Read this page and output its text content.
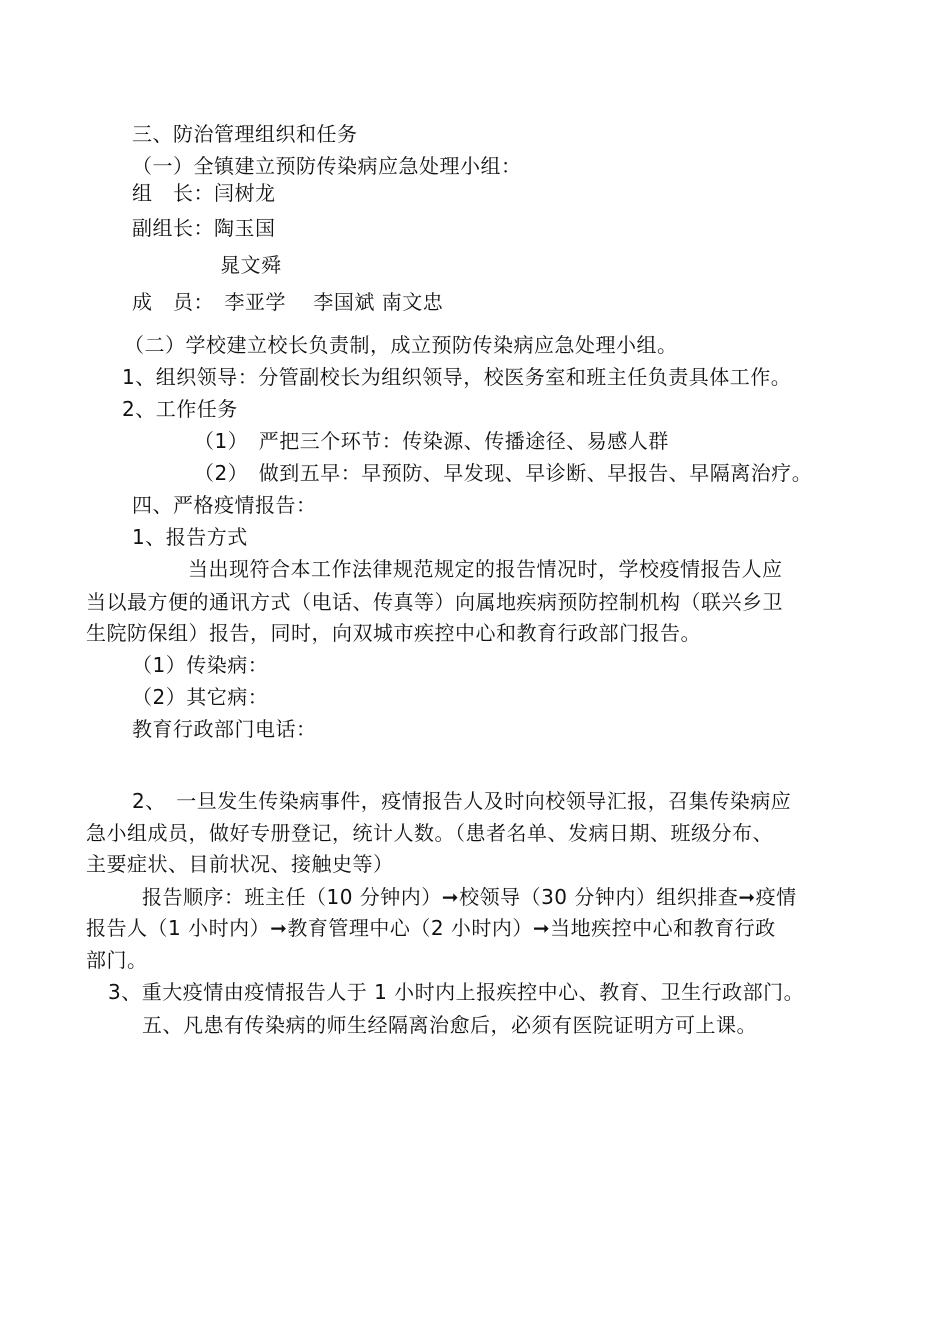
三、防治管理组织和任务
（一）全镇建立预防传染病应急处理小组：
组　长：闫树龙
副组长：陶玉国
晁文舜
成　员：　李亚学　 李国斌 南文忠
（二）学校建立校长负责制，成立预防传染病应急处理小组。
1、组织领导：分管副校长为组织领导，校医务室和班主任负责具体工作。
2、工作任务
（1）　严把三个环节：传染源、传播途径、易感人群
（2）　做到五早：早预防、早发现、早诊断、早报告、早隔离治疗。
四、严格疫情报告：
1、报告方式
当出现符合本工作法律规范规定的报告情况时，学校疫情报告人应
当以最方便的通讯方式（电话、传真等）向属地疾病预防控制机构（联兴乡卫
生院防保组）报告，同时，向双城市疾控中心和教育行政部门报告。
（1）传染病：
（2）其它病：
教育行政部门电话：
2、　一旦发生传染病事件，疫情报告人及时向校领导汇报，召集传染病应
急小组成员，做好专册登记，统计人数。（患者名单、发病日期、班级分布、
主要症状、目前状况、接触史等）
报告顺序：班主任（10 分钟内）➞校领导（30 分钟内）组织排查➞疫情
报告人（1 小时内）➞教育管理中心（2 小时内）➞当地疾控中心和教育行政
部门。
3、重大疫情由疫情报告人于 1 小时内上报疾控中心、教育、卫生行政部门。
五、凡患有传染病的师生经隔离治愈后，必须有医院证明方可上课。
